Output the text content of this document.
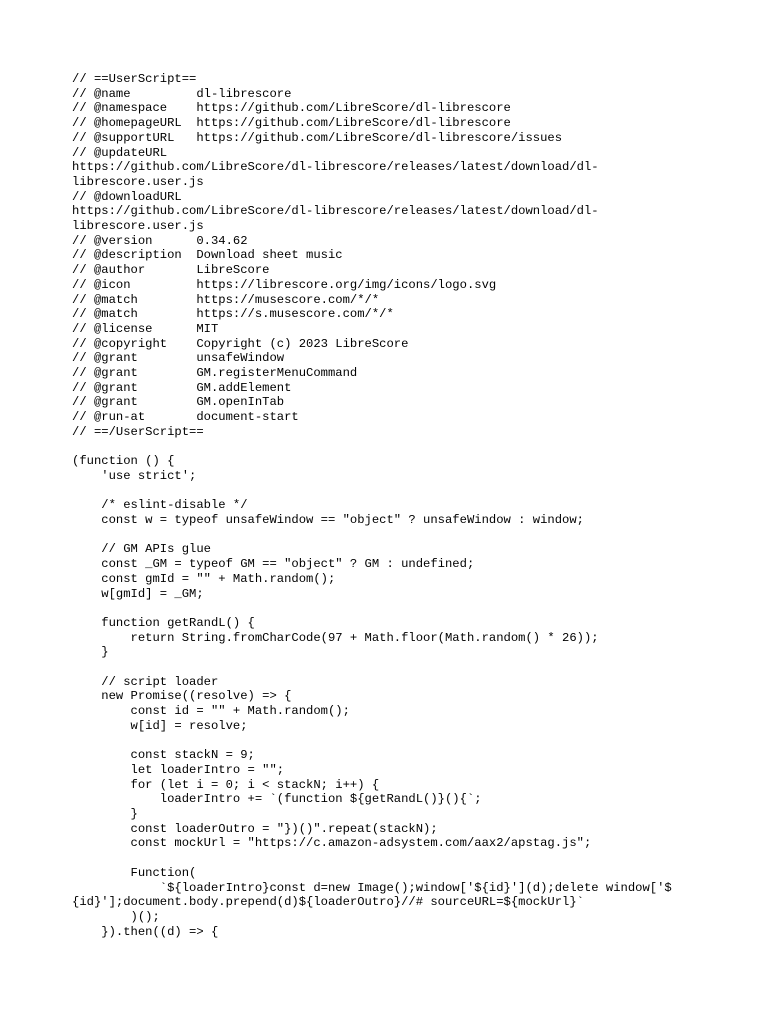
// ==UserScript==
// @name         dl-librescore
// @namespace    https://github.com/LibreScore/dl-librescore
// @homepageURL  https://github.com/LibreScore/dl-librescore
// @supportURL   https://github.com/LibreScore/dl-librescore/issues
// @updateURL
https://github.com/LibreScore/dl-librescore/releases/latest/download/dl-
librescore.user.js
// @downloadURL
https://github.com/LibreScore/dl-librescore/releases/latest/download/dl-
librescore.user.js
// @version      0.34.62
// @description  Download sheet music
// @author       LibreScore
// @icon         https://librescore.org/img/icons/logo.svg
// @match        https://musescore.com/*/*
// @match        https://s.musescore.com/*/*
// @license      MIT
// @copyright    Copyright (c) 2023 LibreScore
// @grant        unsafeWindow
// @grant        GM.registerMenuCommand
// @grant        GM.addElement
// @grant        GM.openInTab
// @run-at       document-start
// ==/UserScript==
(function () {
'use strict';
/* eslint-disable */
const w = typeof unsafeWindow == "object" ? unsafeWindow : window;
// GM APIs glue
const _GM = typeof GM == "object" ? GM : undefined;
const gmId = "" + Math.random();
w[gmId] = _GM;
function getRandL() {
return String.fromCharCode(97 + Math.floor(Math.random() * 26));
}
// script loader
new Promise((resolve) => {
const id = "" + Math.random();
w[id] = resolve;
const stackN = 9;
let loaderIntro = "";
for (let i = 0; i < stackN; i++) {
loaderIntro += `(function ${getRandL()}(){`;
}
const loaderOutro = "})()".repeat(stackN);
const mockUrl = "https://c.amazon-adsystem.com/aax2/apstag.js";
Function(
`${loaderIntro}const d=new Image();window['${id}'](d);delete window['$
{id}'];document.body.prepend(d)${loaderOutro}//# sourceURL=${mockUrl}`
)();
}).then((d) => {
